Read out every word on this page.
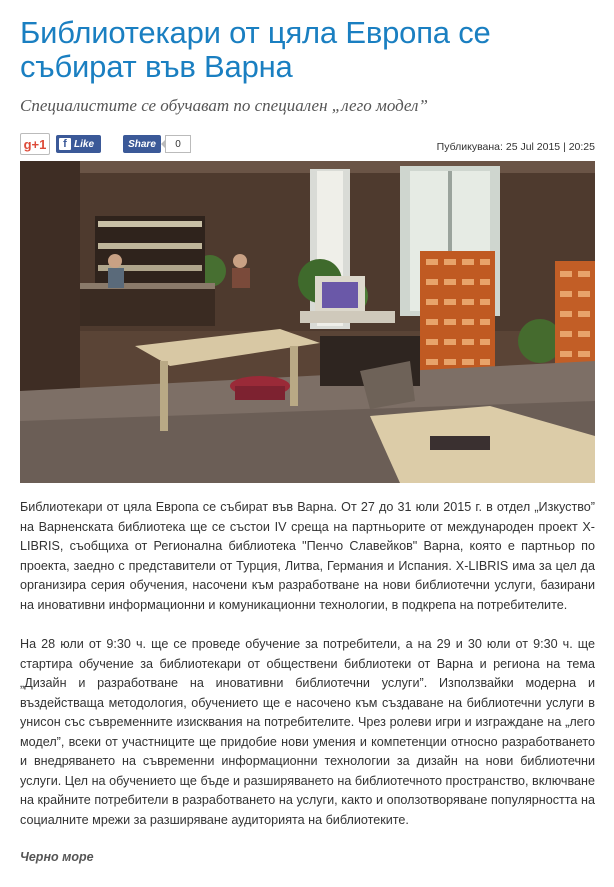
Библиотекари от цяла Европа се събират във Варна
Специалистите се обучават по специален „лего модел”
g+1	f Like	Share	0	Публикувана: 25 Jul 2015 | 20:25

Библиотекари от цяла Европа се събират във Варна. От 27 до 31 юли 2015 г. в отдел „Изкуство” на Варненската библиотека ще се състои IV среща на партньорите от международен проект X-LIBRIS, съобщиха от Регионална библиотека "Пенчо Славейков" Варна, която е партньор по проекта, заедно с представители от Турция, Литва, Германия и Испания. X-LIBRIS има за цел да организира серия обучения, насочени към разработване на нови библиотечни услуги, базирани на иновативни информационни и комуникационни технологии, в подкрепа на потребителите.

На 28 юли от 9:30 ч. ще се проведе обучение за потребители, а на 29 и 30 юли от 9:30 ч. ще стартира обучение за библиотекари от обществени библиотеки от Варна и региона на тема „Дизайн и разработване на иновативни библиотечни услуги”. Използвайки модерна и въздействаща методология, обучението ще е насочено към създаване на библиотечни услуги в унисон със съвременните изисквания на потребителите. Чрез ролеви игри и изграждане на „лего модел”, всеки от участниците ще придобие нови умения и компетенции относно разработването и внедряването на съвременни информационни технологии за дизайн на нови библиотечни услуги. Цел на обучението ще бъде и разширяването на библиотечното пространство, включване на крайните потребители в разработването на услуги, както и оползотворяване популярността на социалните мрежи за разширяване аудиторията на библиотеките.

Черно море
